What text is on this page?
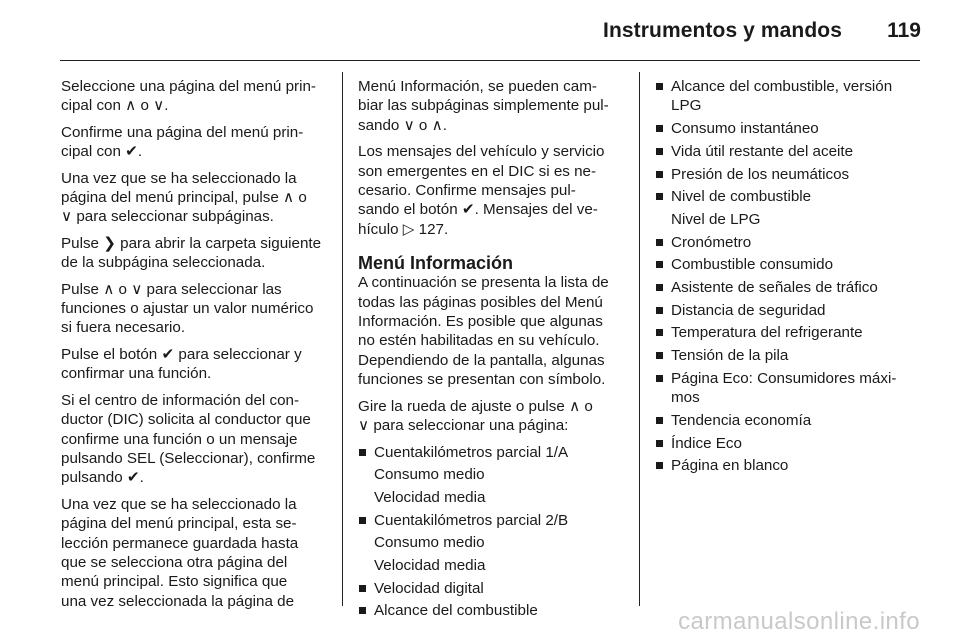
Instrumentos y mandos 119

Seleccione una página del menú prin-
cipal con ∧ o ∨.

Confirme una página del menú prin-
cipal con ✔.

Una vez que se ha seleccionado la
página del menú principal, pulse ∧ o
∨ para seleccionar subpáginas.

Pulse ❯ para abrir la carpeta siguiente
de la subpágina seleccionada.

Pulse ∧ o ∨ para seleccionar las
funciones o ajustar un valor numérico
si fuera necesario.

Pulse el botón ✔ para seleccionar y
confirmar una función.

Si el centro de información del con-
ductor (DIC) solicita al conductor que
confirme una función o un mensaje
pulsando SEL (Seleccionar), confirme
pulsando ✔.

Una vez que se ha seleccionado la
página del menú principal, esta se-
lección permanece guardada hasta
que se selecciona otra página del
menú principal. Esto significa que
una vez seleccionada la página de

Menú Información, se pueden cam-
biar las subpáginas simplemente pul-
sando ∨ o ∧.

Los mensajes del vehículo y servicio
son emergentes en el DIC si es ne-
cesario. Confirme mensajes pul-
sando el botón ✔. Mensajes del ve-
hículo ▷ 127.

Menú Información

A continuación se presenta la lista de
todas las páginas posibles del Menú
Información. Es posible que algunas
no estén habilitadas en su vehículo.
Dependiendo de la pantalla, algunas
funciones se presentan con símbolo.

Gire la rueda de ajuste o pulse ∧ o
∨ para seleccionar una página:

Cuentakilómetros parcial 1/A
Consumo medio
Velocidad media
Cuentakilómetros parcial 2/B
Consumo medio
Velocidad media
Velocidad digital
Alcance del combustible
Alcance del combustible, versión
LPG
Consumo instantáneo
Vida útil restante del aceite
Presión de los neumáticos
Nivel de combustible
Nivel de LPG
Cronómetro
Combustible consumido
Asistente de señales de tráfico
Distancia de seguridad
Temperatura del refrigerante
Tensión de la pila
Página Eco: Consumidores máxi-
mos
Tendencia economía
Índice Eco
Página en blanco
carmanualsonline.info
